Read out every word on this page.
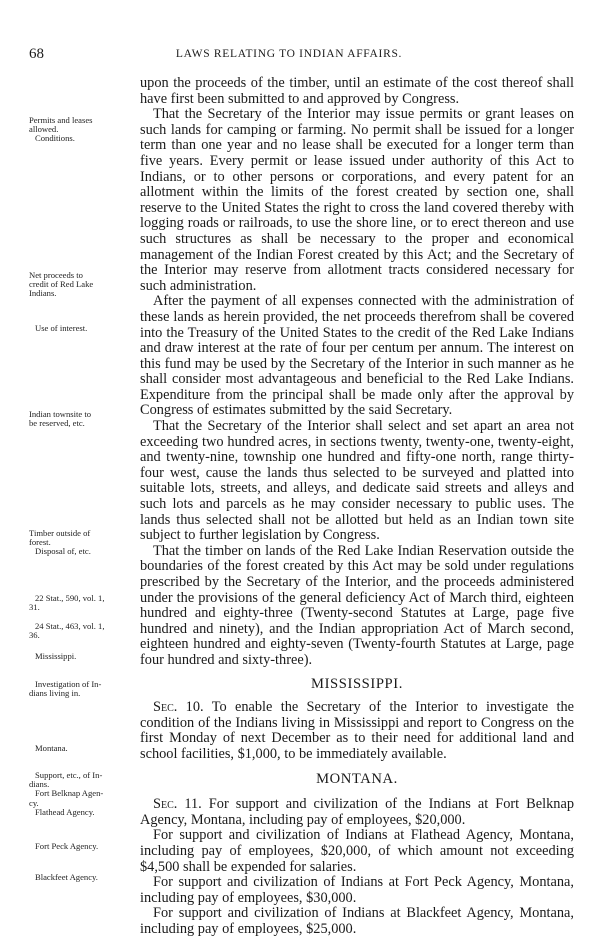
68	LAWS RELATING TO INDIAN AFFAIRS.

upon the proceeds of the timber, until an estimate of the cost thereof shall have first been submitted to and approved by Congress.

That the Secretary of the Interior may issue permits or grant leases on such lands for camping or farming. No permit shall be issued for a longer term than one year and no lease shall be executed for a longer term than five years. Every permit or lease issued under authority of this Act to Indians, or to other persons or corporations, and every patent for an allotment within the limits of the forest created by section one, shall reserve to the United States the right to cross the land covered thereby with logging roads or railroads, to use the shore line, or to erect thereon and use such structures as shall be necessary to the proper and economical management of the Indian Forest created by this Act; and the Secretary of the Interior may reserve from allotment tracts considered necessary for such administration.

After the payment of all expenses connected with the administration of these lands as herein provided, the net proceeds therefrom shall be covered into the Treasury of the United States to the credit of the Red Lake Indians and draw interest at the rate of four per centum per annum. The interest on this fund may be used by the Secretary of the Interior in such manner as he shall consider most advantageous and beneficial to the Red Lake Indians. Expenditure from the principal shall be made only after the approval by Congress of estimates submitted by the said Secretary.

That the Secretary of the Interior shall select and set apart an area not exceeding two hundred acres, in sections twenty, twenty-one, twenty-eight, and twenty-nine, township one hundred and fifty-one north, range thirty-four west, cause the lands thus selected to be surveyed and platted into suitable lots, streets, and alleys, and dedicate said streets and alleys and such lots and parcels as he may consider necessary to public uses. The lands thus selected shall not be allotted but held as an Indian town site subject to further legislation by Congress.

That the timber on lands of the Red Lake Indian Reservation outside the boundaries of the forest created by this Act may be sold under regulations prescribed by the Secretary of the Interior, and the proceeds administered under the provisions of the general deficiency Act of March third, eighteen hundred and eighty-three (Twenty-second Statutes at Large, page five hundred and ninety), and the Indian appropriation Act of March second, eighteen hundred and eighty-seven (Twenty-fourth Statutes at Large, page four hundred and sixty-three).

MISSISSIPPI.

Sec. 10. To enable the Secretary of the Interior to investigate the condition of the Indians living in Mississippi and report to Congress on the first Monday of next December as to their need for additional land and school facilities, $1,000, to be immediately available.

MONTANA.

Sec. 11. For support and civilization of the Indians at Fort Belknap Agency, Montana, including pay of employees, $20,000.

For support and civilization of Indians at Flathead Agency, Montana, including pay of employees, $20,000, of which amount not exceeding $4,500 shall be expended for salaries.

For support and civilization of Indians at Fort Peck Agency, Montana, including pay of employees, $30,000.

For support and civilization of Indians at Blackfeet Agency, Montana, including pay of employees, $25,000.

Permits and leases
allowed.
Conditions.
Net proceeds to
credit of Red Lake
Indians.
Use of interest.
Indian townsite to
be reserved, etc.
Timber outside of
forest.
Disposal of, etc.
22 Stat., 590, vol. 1,
31.
24 Stat., 463, vol. 1,
36.
Mississippi.
Investigation of In-
dians living in.
Montana.
Support, etc., of In-
dians.
Fort Belknap Agen-
cy.
Flathead Agency.
Fort Peck Agency.
Blackfeet Agency.
